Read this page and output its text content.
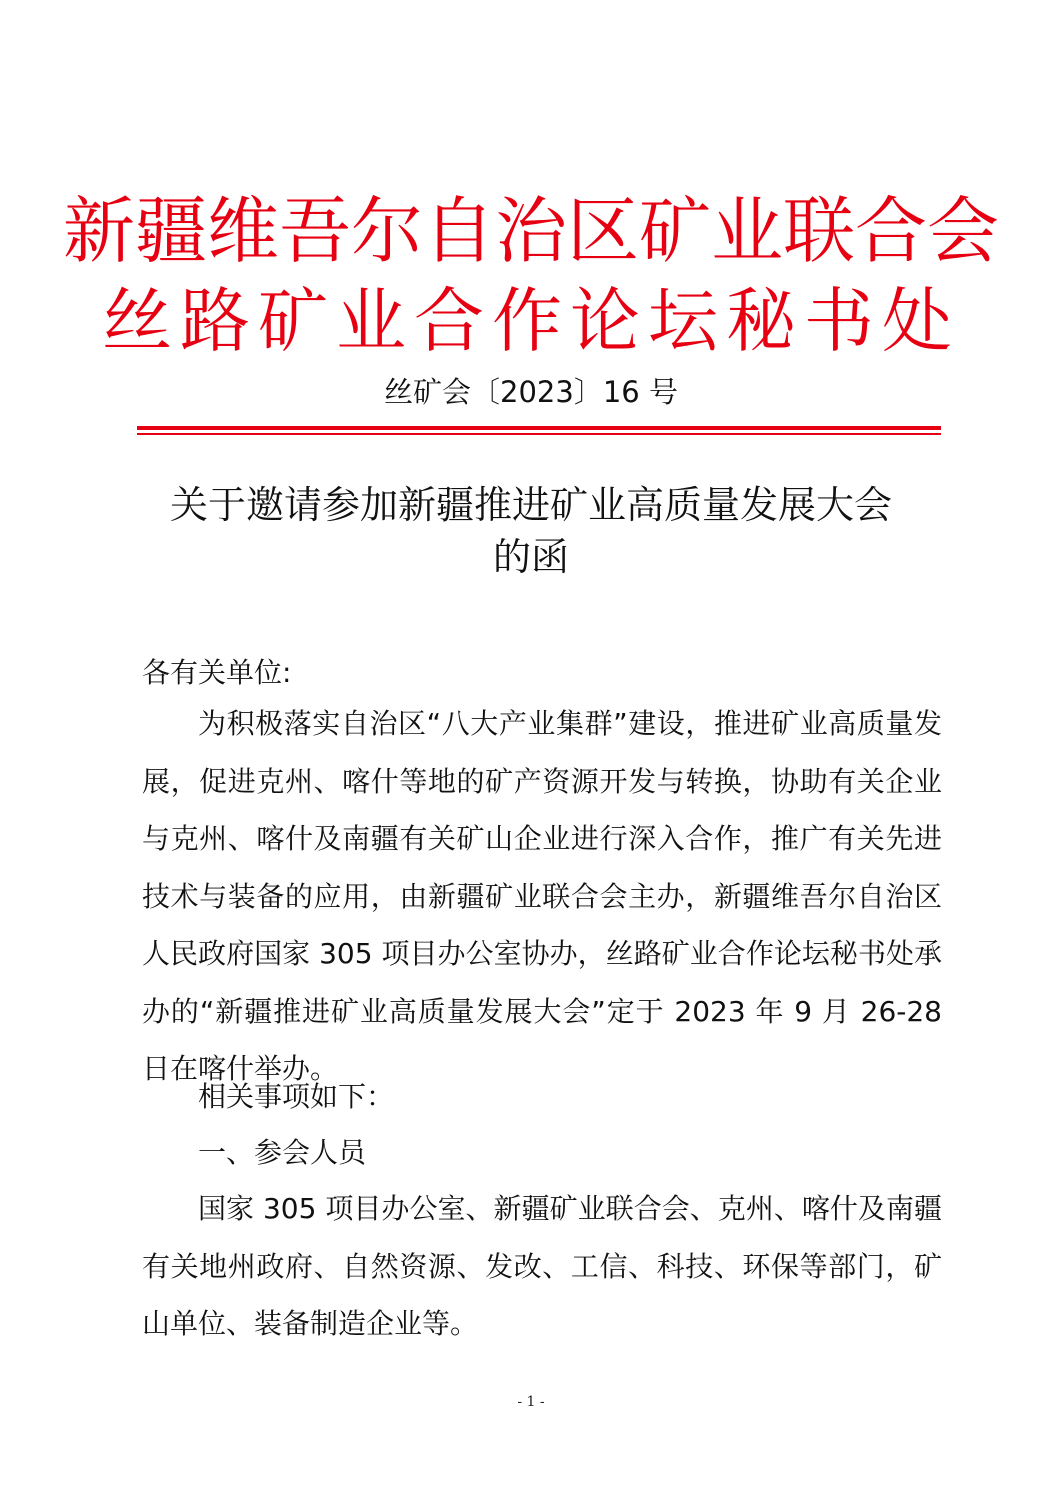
新疆维吾尔自治区矿业联合会
丝路矿业合作论坛秘书处
丝矿会〔2023〕16 号
关于邀请参加新疆推进矿业高质量发展大会
的函
各有关单位:
为积极落实自治区“八大产业集群”建设，推进矿业高质量发展，促进克州、喀什等地的矿产资源开发与转换，协助有关企业与克州、喀什及南疆有关矿山企业进行深入合作，推广有关先进技术与装备的应用，由新疆矿业联合会主办，新疆维吾尔自治区人民政府国家 305 项目办公室协办，丝路矿业合作论坛秘书处承办的“新疆推进矿业高质量发展大会”定于 2023 年 9 月 26-28 日在喀什举办。
相关事项如下：
一、参会人员
国家 305 项目办公室、新疆矿业联合会、克州、喀什及南疆有关地州政府、自然资源、发改、工信、科技、环保等部门，矿山单位、装备制造企业等。
- 1 -
